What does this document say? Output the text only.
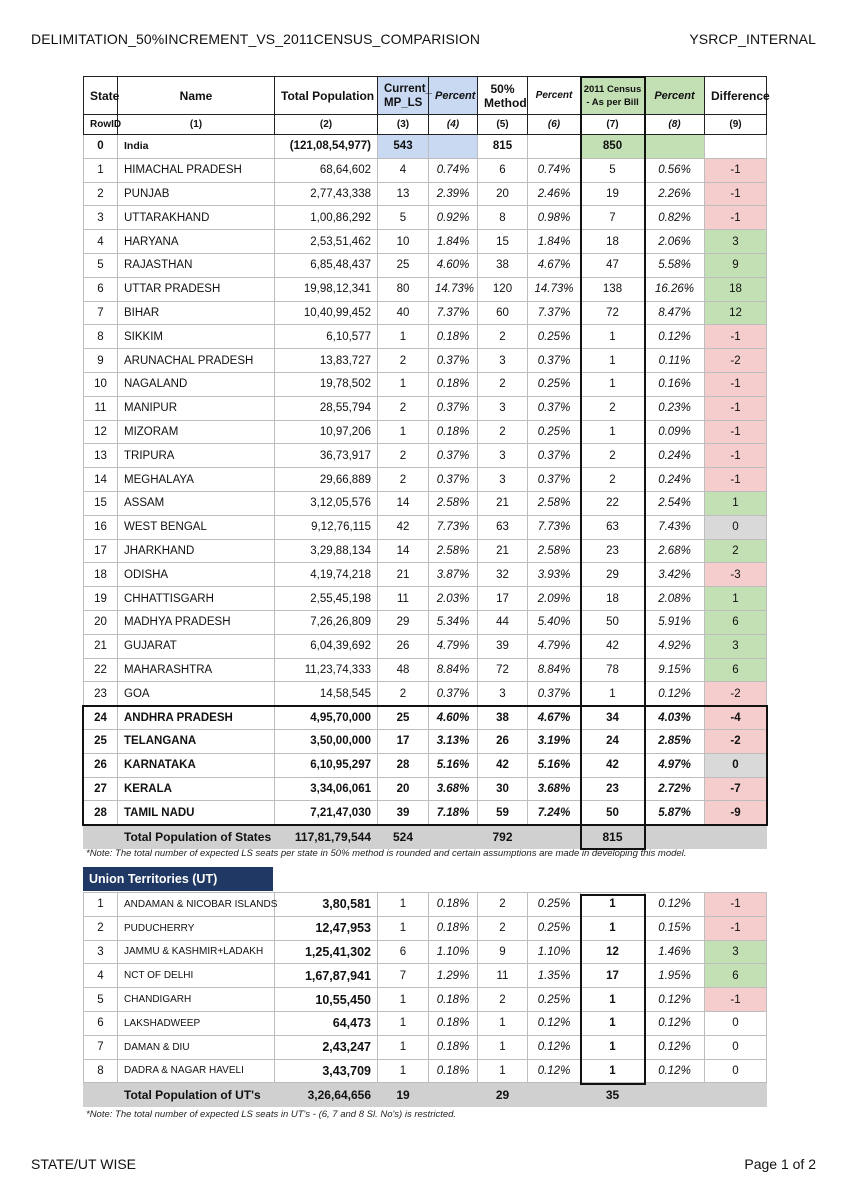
DELIMITATION_50%INCREMENT_VS_2011CENSUS_COMPARISION	YSRCP_INTERNAL
State	Name	Total Population	Current_ MP_LS	Percent	50% Method	Percent	2011 Census - As per Bill	Percent	Difference
RowID	(1)	(2)	(3)	(4)	(5)	(6)	(7)	(8)	(9)
0	India	(121,08,54,977)	543		815		850		
1	HIMACHAL PRADESH	68,64,602	4	0.74%	6	0.74%	5	0.56%	-1
2	PUNJAB	2,77,43,338	13	2.39%	20	2.46%	19	2.26%	-1
3	UTTARAKHAND	1,00,86,292	5	0.92%	8	0.98%	7	0.82%	-1
4	HARYANA	2,53,51,462	10	1.84%	15	1.84%	18	2.06%	3
5	RAJASTHAN	6,85,48,437	25	4.60%	38	4.67%	47	5.58%	9
6	UTTAR PRADESH	19,98,12,341	80	14.73%	120	14.73%	138	16.26%	18
7	BIHAR	10,40,99,452	40	7.37%	60	7.37%	72	8.47%	12
8	SIKKIM	6,10,577	1	0.18%	2	0.25%	1	0.12%	-1
9	ARUNACHAL PRADESH	13,83,727	2	0.37%	3	0.37%	1	0.11%	-2
10	NAGALAND	19,78,502	1	0.18%	2	0.25%	1	0.16%	-1
11	MANIPUR	28,55,794	2	0.37%	3	0.37%	2	0.23%	-1
12	MIZORAM	10,97,206	1	0.18%	2	0.25%	1	0.09%	-1
13	TRIPURA	36,73,917	2	0.37%	3	0.37%	2	0.24%	-1
14	MEGHALAYA	29,66,889	2	0.37%	3	0.37%	2	0.24%	-1
15	ASSAM	3,12,05,576	14	2.58%	21	2.58%	22	2.54%	1
16	WEST BENGAL	9,12,76,115	42	7.73%	63	7.73%	63	7.43%	0
17	JHARKHAND	3,29,88,134	14	2.58%	21	2.58%	23	2.68%	2
18	ODISHA	4,19,74,218	21	3.87%	32	3.93%	29	3.42%	-3
19	CHHATTISGARH	2,55,45,198	11	2.03%	17	2.09%	18	2.08%	1
20	MADHYA PRADESH	7,26,26,809	29	5.34%	44	5.40%	50	5.91%	6
21	GUJARAT	6,04,39,692	26	4.79%	39	4.79%	42	4.92%	3
22	MAHARASHTRA	11,23,74,333	48	8.84%	72	8.84%	78	9.15%	6
23	GOA	14,58,545	2	0.37%	3	0.37%	1	0.12%	-2
24	ANDHRA PRADESH	4,95,70,000	25	4.60%	38	4.67%	34	4.03%	-4
25	TELANGANA	3,50,00,000	17	3.13%	26	3.19%	24	2.85%	-2
26	KARNATAKA	6,10,95,297	28	5.16%	42	5.16%	42	4.97%	0
27	KERALA	3,34,06,061	20	3.68%	30	3.68%	23	2.72%	-7
28	TAMIL NADU	7,21,47,030	39	7.18%	59	7.24%	50	5.87%	-9
	Total Population of States	117,81,79,544	524		792		815		
*Note: The total number of expected LS seats per state in 50% method is rounded and certain assumptions are made in developing this model.
Union Territories (UT)
1	ANDAMAN & NICOBAR ISLANDS	3,80,581	1	0.18%	2	0.25%	1	0.12%	-1
2	PUDUCHERRY	12,47,953	1	0.18%	2	0.25%	1	0.15%	-1
3	JAMMU & KASHMIR+LADAKH	1,25,41,302	6	1.10%	9	1.10%	12	1.46%	3
4	NCT OF DELHI	1,67,87,941	7	1.29%	11	1.35%	17	1.95%	6
5	CHANDIGARH	10,55,450	1	0.18%	2	0.25%	1	0.12%	-1
6	LAKSHADWEEP	64,473	1	0.18%	1	0.12%	1	0.12%	0
7	DAMAN & DIU	2,43,247	1	0.18%	1	0.12%	1	0.12%	0
8	DADRA & NAGAR HAVELI	3,43,709	1	0.18%	1	0.12%	1	0.12%	0
	Total Population of UT's	3,26,64,656	19		29		35		
*Note: The total number of expected LS seats in UT's - (6, 7 and 8 Sl. No's) is restricted.
STATE/UT WISE	Page 1 of 2
